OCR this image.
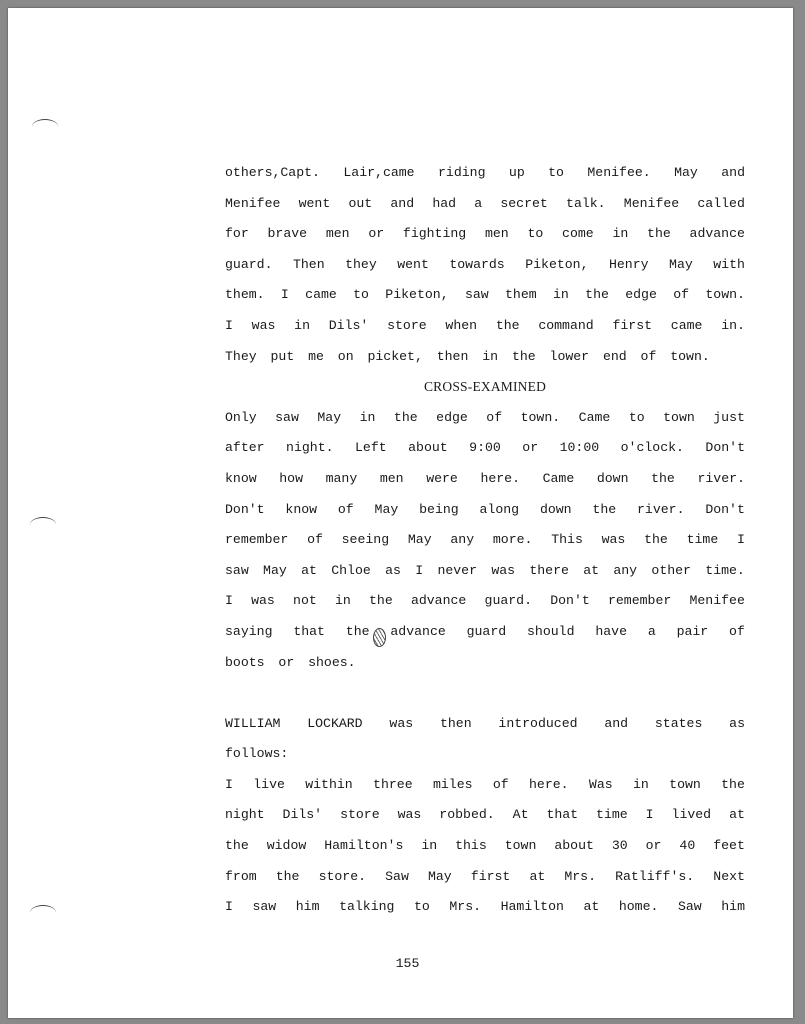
others,Capt. Lair,came riding up to Menifee. May and
Menifee went out and had a secret talk. Menifee called
for brave men or fighting men to come in the advance
guard. Then they went towards Piketon, Henry May with
them. I came to Piketon, saw them in the edge of town.
I was in Dils' store when the command first came in.
They put me on picket, then in the lower end of town.
CROSS-EXAMINED
Only saw May in the edge of town. Came to town just
after night. Left about 9:00 or 10:00 o'clock. Don't
know how many men were here. Came down the river.
Don't know of May being along down the river. Don't
remember of seeing May any more. This was the time I
saw May at Chloe as I never was there at any other time.
I was not in the advance guard. Don't remember Menifee
saying that the advance guard should have a pair of
boots or shoes.
WILLIAM LOCKARD was then introduced and states as
follows:
I live within three miles of here. Was in town the
night Dils' store was robbed. At that time I lived at
the widow Hamilton's in this town about 30 or 40 feet
from the store. Saw May first at Mrs. Ratliff's. Next
I saw him talking to Mrs. Hamilton at home. Saw him
155
